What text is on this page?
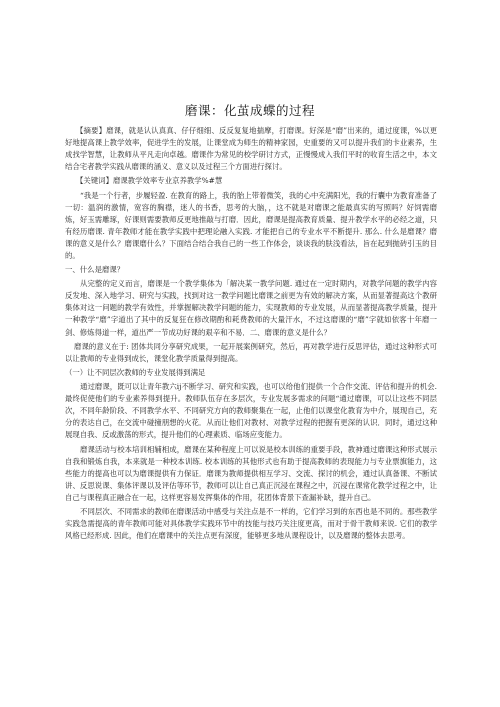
磨课：化茧成蝶的过程

【摘要】磨课，就是认认真真、仔仔细细、反反复复地揣摩，打磨课。好深是“磨”出来的，通过度课，%以更好地提高课上教学效率，促进学生的发展，让课堂成为师生的精神家园，史重要的又可以提升我们的卡业素养，生成找学智慧，让教师从平凡走向卓越。磨课作为常见的校学研讨方式，正慢慢成入我们平时的收育生活之中，本文结合宅者教学实践从磨课的涵义、意义以及过程三个方面进行探讨。

【关键词】磨课教学效率专业京养教学%#慧

“我是一个行者，步履轻盈. 在教育的路上，我的胎上带着微笑，我的心中充满阳光，我的行囊中为教育准备了一切：温润的激情，宽容的胸襟，迷人的书香，思考的大脑，，这不就是对磨课之能最真实的写照吗？好饲需磨炼，好玉需雕琢，好课则需要教师反更地推敲与打磨．因此，磨课是提高教育质量、提升教学水平的必经之道，只有经历磨课. 青年教师才能在教学实践中把理论融入实践. 才能把自己的专业水平不断提升. 那么. 什么是磨课？磨课的意义是什么？磨课磨什么？下面结合结合我自己的一些工作体会，谈谈我的肤浅看法，旨在起到抛砖引玉的目的。

一、什么是磨课？

从完整的定义而言，磨课是一个教学集体为「解决某一教学问题. 通过在一定时期内，对教学问题的教学内容反发地、深入地学习、研究与实践，找到对这一教学问题比磨课之前更为有效的解决方案，从而显著提高这个教研集体对这一问题的教学有效性，并掌握解决教学问题的能力，实现教师的专业发展，从而显著提高教学质量，提升一种教学“磨”字道出了其中的反复狂在修改期酌和耗费教师的大量汗水，不过这磨课的“磨”字就如依客十年磨一剑、修炼得道一样，道出严一节成功好课的艰辛和不易．二、磨课的意义是什么？

磨课的意义在于: 团体共同分享研究成果，一起开展案例研究，然后，再对教学进行反思评估，通过这种形式可以让教师的专业得到成长，课堂化教学质量得到提高。

（一）让不同层次教师的专业发展得到满足

通过磨课，既可以让青年教六ij不断学习、研究和实践，也可以给他们提供一个合作交流、评估和提升的机会. 最终促使他们的专业素养得到提升。教师队伍存在多层次，专业发展多需求的问题“通过磨课，可以让这些不同层次，不同年龄阶段、不同教学水平、不同研究方向的教师聚集在一起，止他们以课堂化教育为中介，展现自己，充分的表达自己，在交流中碰撞朋想的火花．从而让他们对教材、对教学过程的把握有更深的认识．同时，通过这种展现自我、反或激荡的形式，提升他们的心理素质、临场应变能力。

磨课活动与校本培训相辅相成，磨课在某种程度上可以说是校本训练的重要手段，教神通过磨课这种形式展示自我和锻炼自我，本来就是一种校本训练. 校本训练的其他形式也有助于提高教师的表现能力与专业票旗能力，这些能力的提高也可以为磨课提供有力保证．磨课为教师提供相互学习、交流、探讨的机会，通过认真备课、不断试讲、反思说课、集体评课以及评估等环节，教师可以让自己真正沉浸在课程之中，沉浸在课常化教学过程之中，让自己与课程真正融合在一起，这样更容易发挥集体的作用，花团体背景下查漏补缺，提升自己。

不同层次、不同需求的教师在磨课活动中感受与关注点是不一样的，它们学习到的东西也是不同的。那些教学实践急需提高的青年教师可能对具体教学实践环节中的技能与技巧关注度更高，而对于骨干教师来说. 它们的教学风格已经形成. 因此，他们在磨课中的关注点更有深度，能够更多地从课程设计，以及磨课的整体去思考。
